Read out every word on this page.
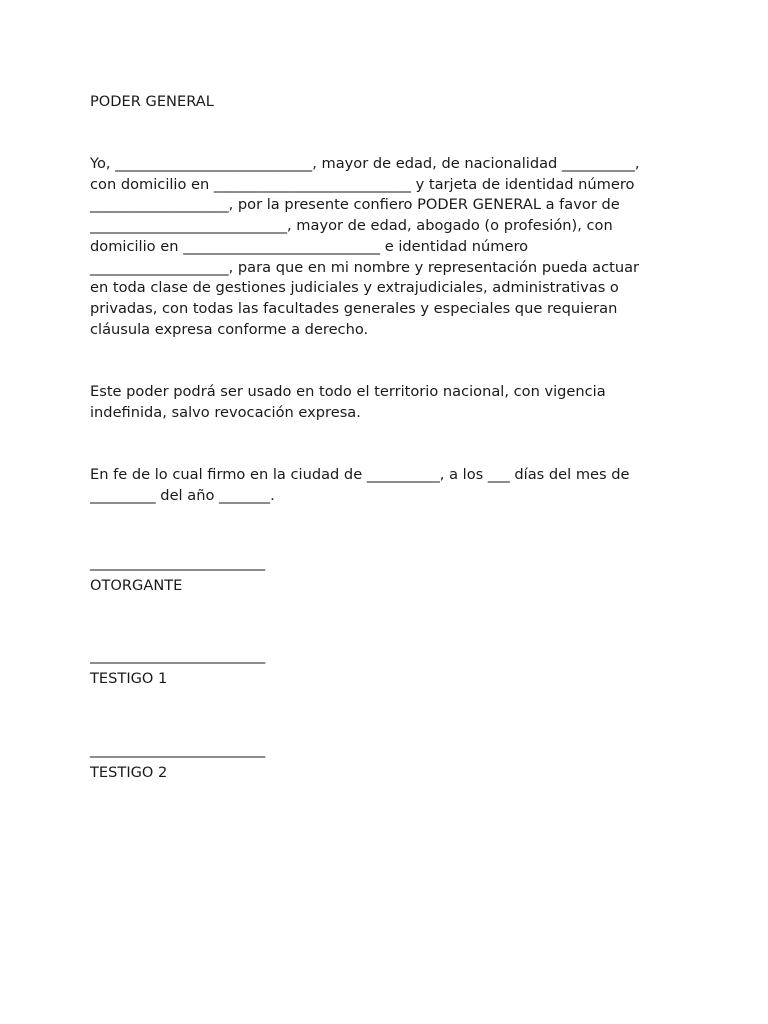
PODER GENERAL
Yo, ___________________________, mayor de edad, de nacionalidad __________,
con domicilio en ___________________________ y tarjeta de identidad número
___________________, por la presente confiero PODER GENERAL a favor de
___________________________, mayor de edad, abogado (o profesión), con
domicilio en ___________________________ e identidad número
___________________, para que en mi nombre y representación pueda actuar
en toda clase de gestiones judiciales y extrajudiciales, administrativas o
privadas, con todas las facultades generales y especiales que requieran
cláusula expresa conforme a derecho.
Este poder podrá ser usado en todo el territorio nacional, con vigencia
indefinida, salvo revocación expresa.
En fe de lo cual firmo en la ciudad de __________, a los ___ días del mes de
_________ del año _______.
________________________
OTORGANTE
________________________
TESTIGO 1
________________________
TESTIGO 2
